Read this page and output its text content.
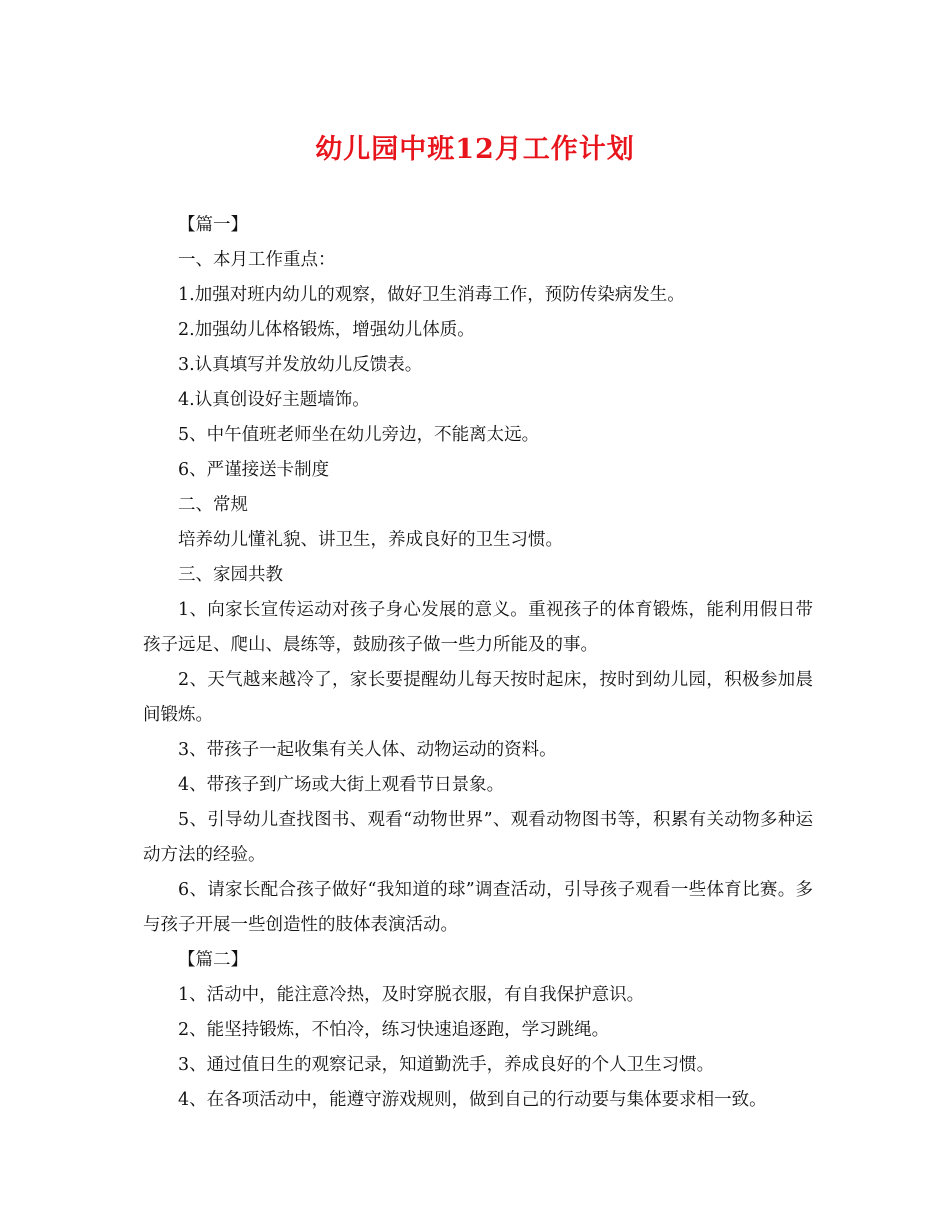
幼儿园中班12月工作计划

【篇一】

一、本月工作重点：

1.加强对班内幼儿的观察，做好卫生消毒工作，预防传染病发生。

2.加强幼儿体格锻炼，增强幼儿体质。

3.认真填写并发放幼儿反馈表。

4.认真创设好主题墙饰。

5、中午值班老师坐在幼儿旁边，不能离太远。

6、严谨接送卡制度

二、常规

培养幼儿懂礼貌、讲卫生，养成良好的卫生习惯。

三、家园共教

1、向家长宣传运动对孩子身心发展的意义。重视孩子的体育锻炼，能利用假日带孩子远足、爬山、晨练等，鼓励孩子做一些力所能及的事。

2、天气越来越冷了，家长要提醒幼儿每天按时起床，按时到幼儿园，积极参加晨间锻炼。

3、带孩子一起收集有关人体、动物运动的资料。

4、带孩子到广场或大街上观看节日景象。

5、引导幼儿查找图书、观看“动物世界”、观看动物图书等，积累有关动物多种运动方法的经验。

6、请家长配合孩子做好“我知道的球”调查活动，引导孩子观看一些体育比赛。多与孩子开展一些创造性的肢体表演活动。

【篇二】

1、活动中，能注意冷热，及时穿脱衣服，有自我保护意识。

2、能坚持锻炼，不怕冷，练习快速追逐跑，学习跳绳。

3、通过值日生的观察记录，知道勤洗手，养成良好的个人卫生习惯。

4、在各项活动中，能遵守游戏规则，做到自己的行动要与集体要求相一致。
